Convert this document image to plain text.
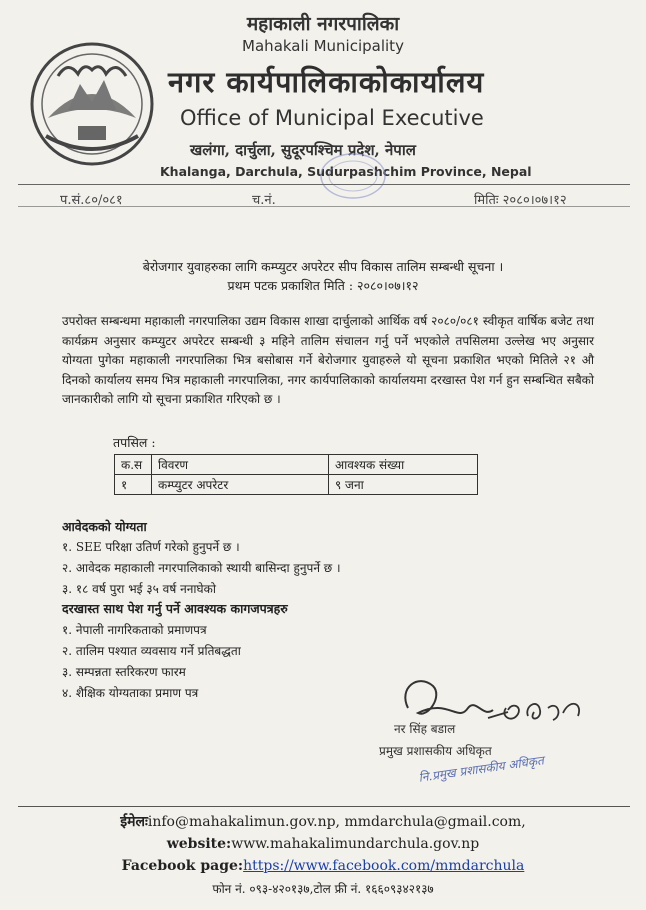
महाकाली नगरपालिका
Mahakali Municipality
नगर कार्यपालिकाकोकार्यालय
Office of Municipal Executive
खलंगा, दार्चुला, सुदूरपश्चिम प्रदेश, नेपाल
Khalanga, Darchula, Sudurpashchim Province, Nepal
प.सं.८०/०८१	च.नं.	मितिः २०८०।०७।१२
बेरोजगार युवाहरुका लागि कम्प्युटर अपरेटर सीप विकास तालिम सम्बन्धी सूचना ।
प्रथम पटक प्रकाशित मिति : २०८०।०७।१२
उपरोक्त सम्बन्धमा महाकाली नगरपालिका उद्यम विकास शाखा दार्चुलाको आर्थिक वर्ष २०८०/०८१ स्वीकृत वार्षिक बजेट तथा कार्यक्रम अनुसार कम्प्युटर अपरेटर सम्बन्धी ३ महिने तालिम संचालन गर्नु पर्ने भएकोले तपसिलमा उल्लेख भए अनुसार योग्यता पुगेका महाकाली नगरपालिका भित्र बसोबास गर्ने बेरोजगार युवाहरुले यो सूचना प्रकाशित भएको मितिले २१ औ दिनको कार्यालय समय भित्र महाकाली नगरपालिका, नगर कार्यपालिकाको कार्यालयमा दरखास्त पेश गर्न हुन सम्बन्धित सबैको जानकारीको लागि यो सूचना प्रकाशित गरिएको छ ।
तपसिल :
क.स	विवरण	आवश्यक संख्या
१	कम्प्युटर अपरेटर	९ जना
आवेदकको योग्यता
१. SEE परिक्षा उतिर्ण गरेको हुनुपर्ने छ ।
२. आवेदक महाकाली नगरपालिकाको स्थायी बासिन्दा हुनुपर्ने छ ।
३. १८ वर्ष पुरा भई ३५ वर्ष ननाघेको
दरखास्त साथ पेश गर्नु पर्ने आवश्यक कागजपत्रहरु
१. नेपाली नागरिकताको प्रमाणपत्र
२. तालिम पश्यात व्यवसाय गर्ने प्रतिबद्धता
३. सम्पन्नता स्तरिकरण फारम
४. शैक्षिक योग्यताका प्रमाण पत्र
नर सिंह बडाल
प्रमुख प्रशासकीय अधिकृत
नि.प्रमुख प्रशासकीय अधिकृत
ईमेलःinfo@mahakalimun.gov.np, mmdarchula@gmail.com,
website:www.mahakalimundarchula.gov.np
Facebook page:https://www.facebook.com/mmdarchula
फोन नं. ०९३-४२०१३७,टोल फ्री नं. १६६०९३४२१३७
